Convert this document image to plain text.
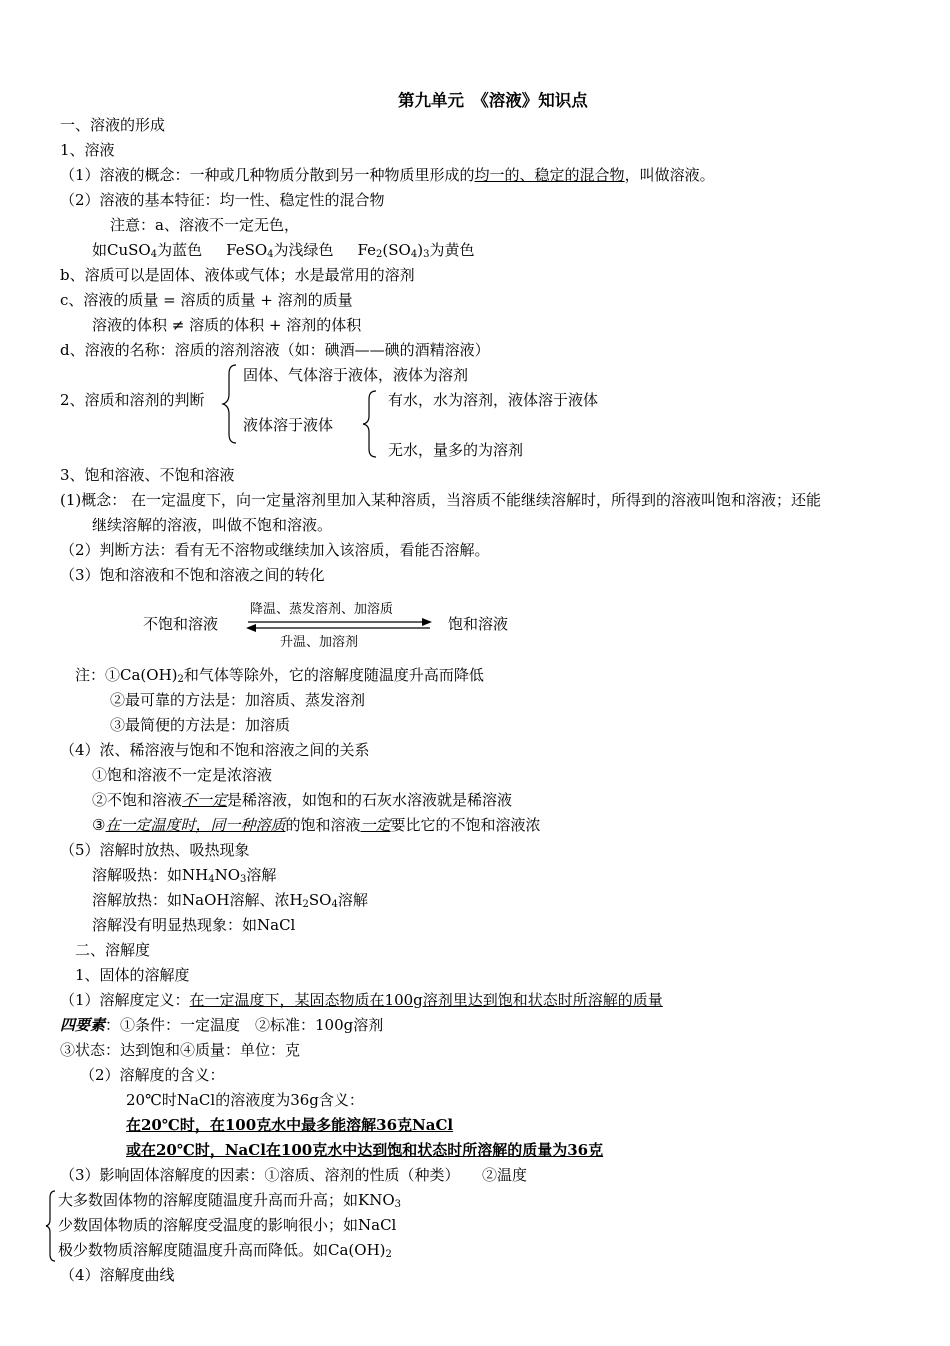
第九单元　《溶液》知识点
一、溶液的形成
1、溶液
（1）溶液的概念：一种或几种物质分散到另一种物质里形成的均一的、稳定的混合物，叫做溶液。
（2）溶液的基本特征：均一性、稳定性的混合物
注意：a、溶液不一定无色，
如CuSO$_4$为蓝色 FeSO$_4$为浅绿色 $Fe_2(SO_4)_3$为黄色
b、溶质可以是固体、液体或气体；水是最常用的溶剂
c、溶液的质量 = 溶质的质量 + 溶剂的质量
溶液的体积 ≠ 溶质的体积 + 溶剂的体积
d、溶液的名称：溶质的溶剂溶液（如：碘酒——碘的酒精溶液）
2、溶质和溶剂的判断
固体、气体溶于液体，液体为溶剂
液体溶于液体
有水，水为溶剂，液体溶于液体
无水，量多的为溶剂
3、饱和溶液、不饱和溶液
(1)概念： 在一定温度下，向一定量溶剂里加入某种溶质，当溶质不能继续溶解时，所得到的溶液叫饱和溶液；还能
继续溶解的溶液，叫做不饱和溶液。
（2）判断方法：看有无不溶物或继续加入该溶质，看能否溶解。
（3）饱和溶液和不饱和溶液之间的转化
不饱和溶液
降温、蒸发溶剂、加溶质
饱和溶液
升温、加溶剂
注：$①Ca(OH)_2$和气体等除外，它的溶解度随温度升高而降低
②最可靠的方法是：加溶质、蒸发溶剂
③最简便的方法是：加溶质
（4）浓、稀溶液与饱和不饱和溶液之间的关系
①饱和溶液不一定是浓溶液
②不饱和溶液不一定是稀溶液，如饱和的石灰水溶液就是稀溶液
③在一定温度时，同一种溶质的饱和溶液一定要比它的不饱和溶液浓
（5）溶解时放热、吸热现象
溶解吸热：如$NH_4NO_3$溶解
溶解放热：如NaOH溶解、浓$H_2SO_4$溶解
溶解没有明显热现象：如NaCl
二、溶解度
1、固体的溶解度
（1）溶解度定义：在一定温度下，某固态物质在100g溶剂里达到饱和状态时所溶解的质量
四要素：①条件：一定温度　②标准：100g溶剂
③状态：达到饱和④质量：单位：克
（2）溶解度的含义：
20℃时NaCl的溶液度为36g含义：
在20℃时，在100克水中最多能溶解36克NaCl
或在20℃时，NaCl在100克水中达到饱和状态时所溶解的质量为36克
（3）影响固体溶解度的因素：①溶质、溶剂的性质（种类）　　②温度
大多数固体物的溶解度随温度升高而升高；如$KNO_3$
少数固体物质的溶解度受温度的影响很小；如NaCl
极少数物质溶解度随温度升高而降低。如$Ca(OH)_2$
（4）溶解度曲线
